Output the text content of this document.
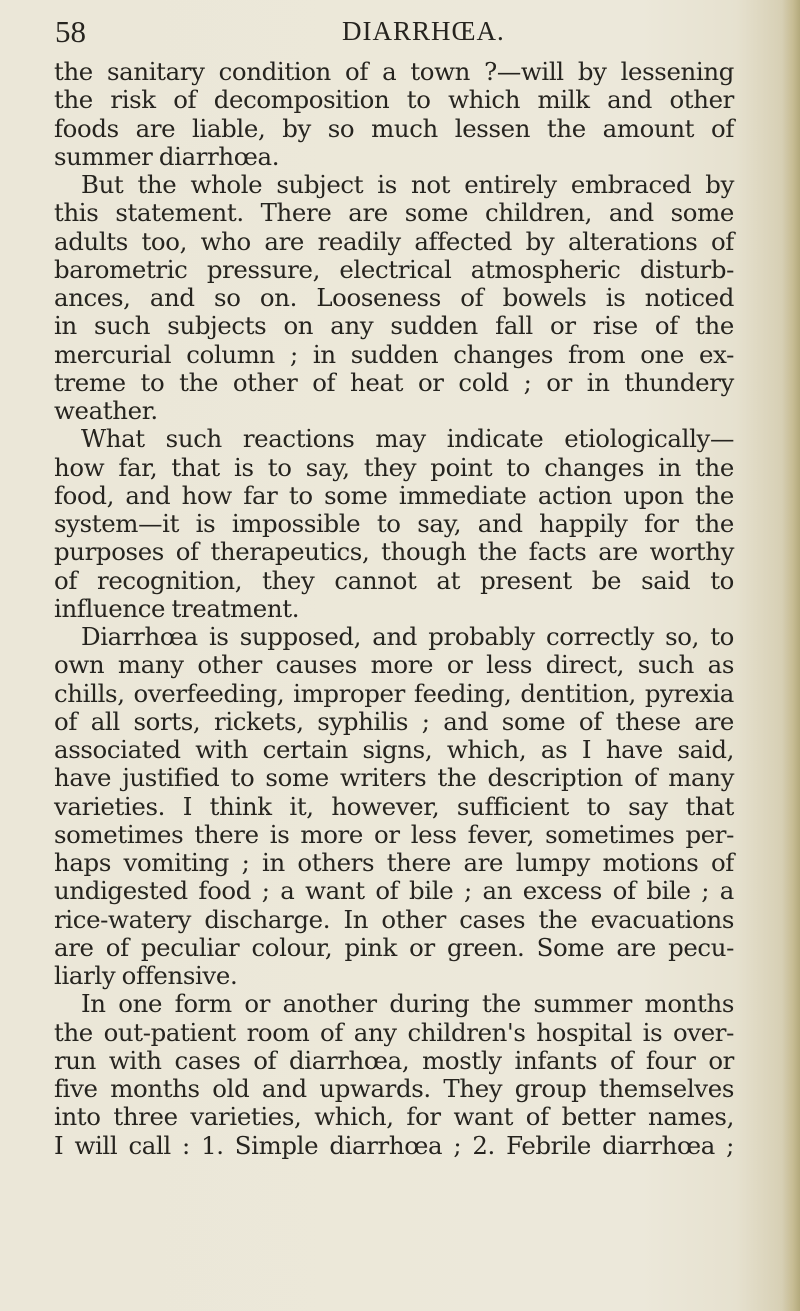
58	DIARRHŒA.
the sanitary condition of a town ?—will by lessening
the risk of decomposition to which milk and other
foods are liable, by so much lessen the amount of
summer diarrhœa.
But the whole subject is not entirely embraced by
this statement. There are some children, and some
adults too, who are readily affected by alterations of
barometric pressure, electrical atmospheric disturb-
ances, and so on. Looseness of bowels is noticed
in such subjects on any sudden fall or rise of the
mercurial column ; in sudden changes from one ex-
treme to the other of heat or cold ; or in thundery
weather.
What such reactions may indicate etiologically—
how far, that is to say, they point to changes in the
food, and how far to some immediate action upon the
system—it is impossible to say, and happily for the
purposes of therapeutics, though the facts are worthy
of recognition, they cannot at present be said to
influence treatment.
Diarrhœa is supposed, and probably correctly so, to
own many other causes more or less direct, such as
chills, overfeeding, improper feeding, dentition, pyrexia
of all sorts, rickets, syphilis ; and some of these are
associated with certain signs, which, as I have said,
have justified to some writers the description of many
varieties. I think it, however, sufficient to say that
sometimes there is more or less fever, sometimes per-
haps vomiting ; in others there are lumpy motions of
undigested food ; a want of bile ; an excess of bile ; a
rice-watery discharge. In other cases the evacuations
are of peculiar colour, pink or green. Some are pecu-
liarly offensive.
In one form or another during the summer months
the out-patient room of any children's hospital is over-
run with cases of diarrhœa, mostly infants of four or
five months old and upwards. They group themselves
into three varieties, which, for want of better names,
I will call : 1. Simple diarrhœa ; 2. Febrile diarrhœa ;
